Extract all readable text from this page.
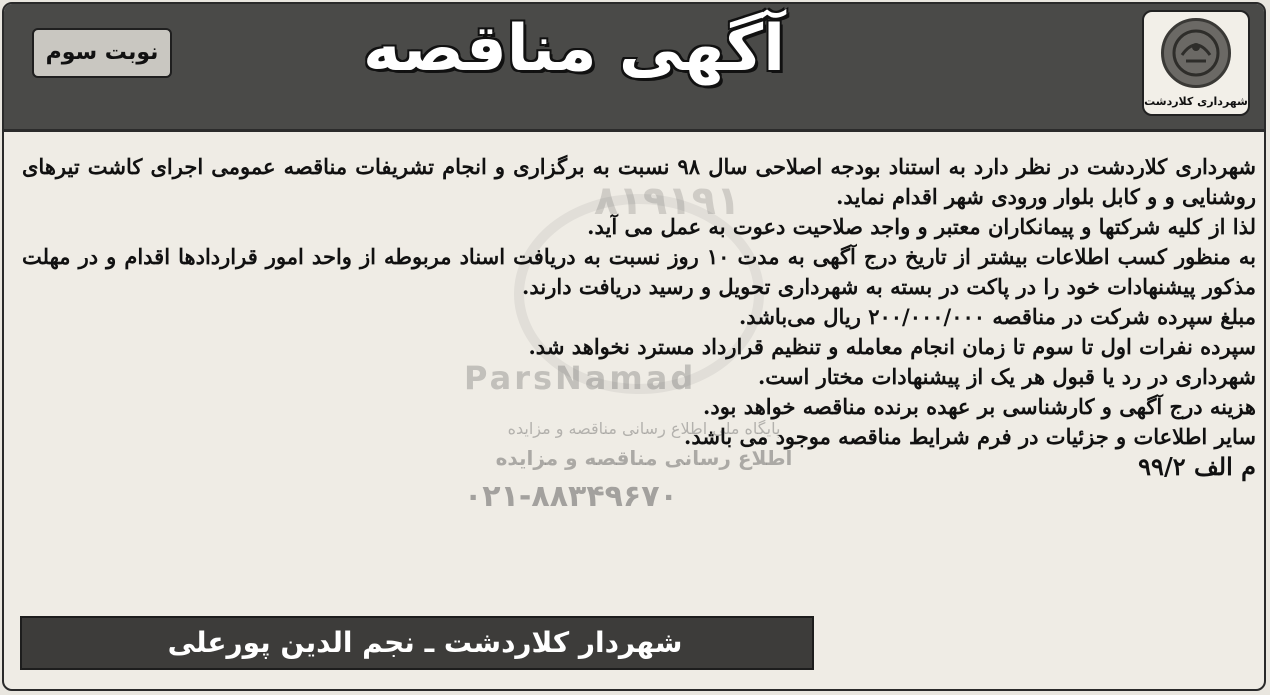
نوبت سوم	آگهی مناقصه
شهرداری کلاردشت
۸۱۹۱۹۱
ParsNamad
پایگاه ملی اطلاع رسانی مناقصه و مزایده
اطلاع رسانی مناقصه و مزایده
۰۲۱-۸۸۳۴۹۶۷۰

شهرداری کلاردشت در نظر دارد به استناد بودجه اصلاحی سال ۹۸ نسبت به برگزاری و انجام تشریفات مناقصه عمومی اجرای کاشت تیرهای روشنایی و و کابل بلوار ورودی شهر اقدام نماید.

لذا از کلیه شرکتها و پیمانکاران معتبر و واجد صلاحیت دعوت به عمل می آید.

به منظور کسب اطلاعات بیشتر از تاریخ درج آگهی به مدت ۱۰ روز نسبت به دریافت اسناد مربوطه از واحد امور قراردادها اقدام و در مهلت مذکور پیشنهادات خود را در پاکت در بسته به شهرداری تحویل و رسید دریافت دارند.

مبلغ سپرده شرکت در مناقصه ۲۰۰/۰۰۰/۰۰۰ ریال می‌باشد.

سپرده نفرات اول تا سوم تا زمان انجام معامله و تنظیم قرارداد مسترد نخواهد شد.

شهرداری در رد یا قبول هر یک از پیشنهادات مختار است.

هزینه درج آگهی و کارشناسی بر عهده برنده مناقصه خواهد بود.

سایر اطلاعات و جزئیات در فرم شرایط مناقصه موجود می باشد.

م الف ۹۹/۲

شهردار کلاردشت ـ نجم الدین پورعلی
